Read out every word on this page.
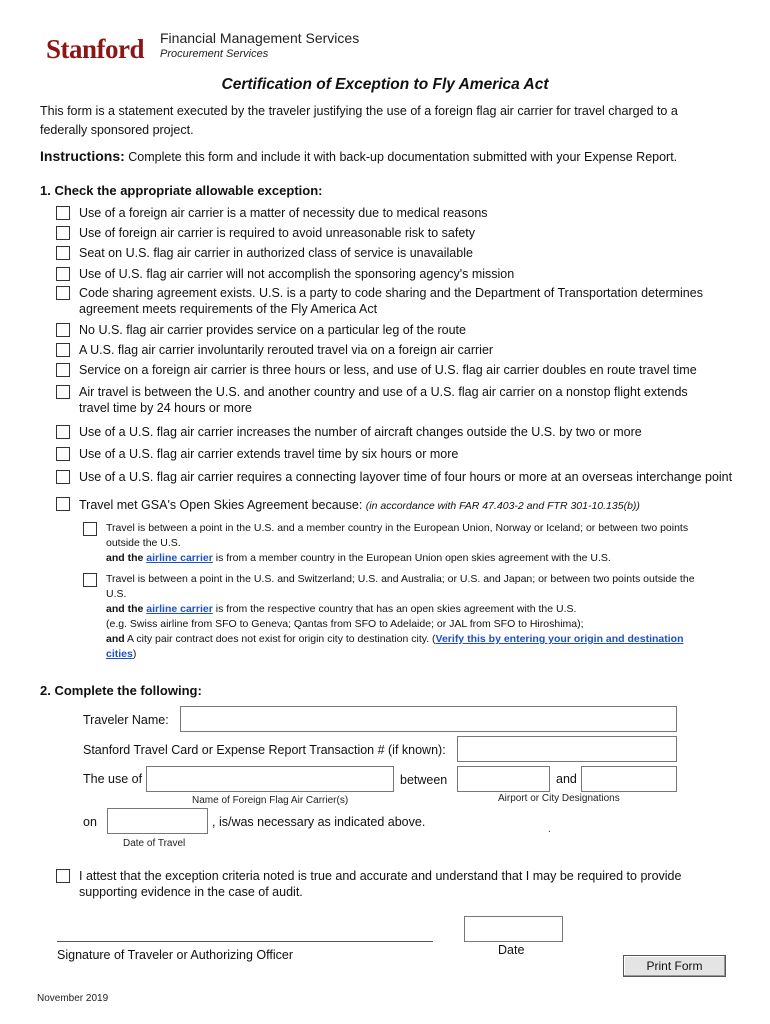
Stanford Financial Management Services
Procurement Services
Certification of Exception to Fly America Act
This form is a statement executed by the traveler justifying the use of a foreign flag air carrier for travel charged to a federally sponsored project.
Instructions: Complete this form and include it with back-up documentation submitted with your Expense Report.
1. Check the appropriate allowable exception:
Use of a foreign air carrier is a matter of necessity due to medical reasons
Use of foreign air carrier is required to avoid unreasonable risk to safety
Seat on U.S. flag air carrier in authorized class of service is unavailable
Use of U.S. flag air carrier will not accomplish the sponsoring agency's mission
Code sharing agreement exists. U.S. is a party to code sharing and the Department of Transportation determines agreement meets requirements of the Fly America Act
No U.S. flag air carrier provides service on a particular leg of the route
A U.S. flag air carrier involuntarily rerouted travel via on a foreign air carrier
Service on a foreign air carrier is three hours or less, and use of U.S. flag air carrier doubles en route travel time
Air travel is between the U.S. and another country and use of a U.S. flag air carrier on a nonstop flight extends travel time by 24 hours or more
Use of a U.S. flag air carrier increases the number of aircraft changes outside the U.S. by two or more
Use of a U.S. flag air carrier extends travel time by six hours or more
Use of a U.S. flag air carrier requires a connecting layover time of four hours or more at an overseas interchange point
Travel met GSA's Open Skies Agreement because: (in accordance with FAR 47.403-2 and FTR 301-10.135(b))
Travel is between a point in the U.S. and a member country in the European Union, Norway or Iceland; or between two points outside the U.S.
and the airline carrier is from a member country in the European Union open skies agreement with the U.S.
Travel is between a point in the U.S. and Switzerland; U.S. and Australia; or U.S. and Japan; or between two points outside the U.S.
and the airline carrier is from the respective country that has an open skies agreement with the U.S.
(e.g. Swiss airline from SFO to Geneva; Qantas from SFO to Adelaide; or JAL from SFO to Hiroshima);
and A city pair contract does not exist for origin city to destination city. (Verify this by entering your origin and destination cities)
2. Complete the following:
Traveler Name:
Stanford Travel Card or Expense Report Transaction # (if known):
The use of	between	and
Name of Foreign Flag Air Carrier(s)	Airport or City Designations
on	, is/was necessary as indicated above.
Date of Travel
.
I attest that the exception criteria noted is true and accurate and understand that I may be required to provide supporting evidence in the case of audit.
Signature of Traveler or Authorizing Officer	Date
Print Form
November 2019
